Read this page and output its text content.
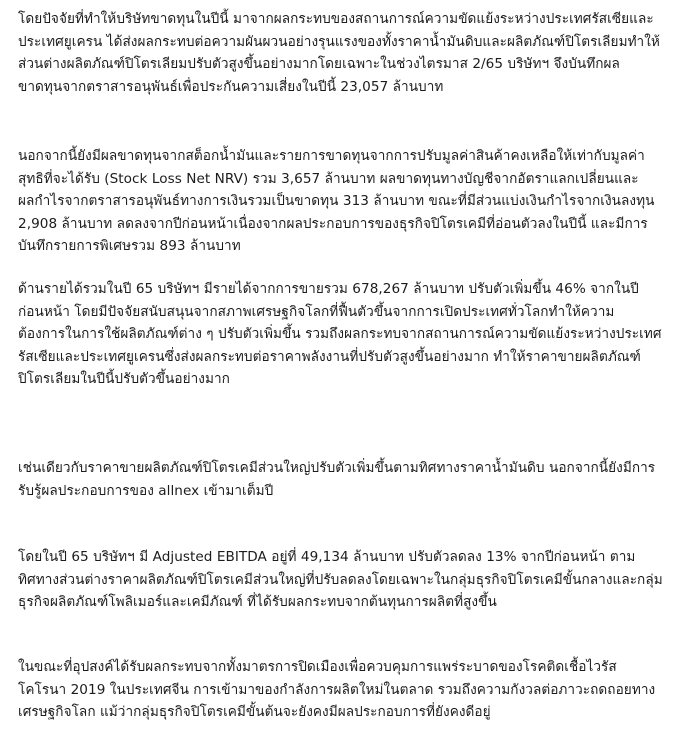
โดยปัจจัยที่ทำให้บริษัทขาดทุนในปีนี้ มาจากผลกระทบของสถานการณ์ความขัดแย้งระหว่างประเทศรัสเซียและ
ประเทศยูเครน ได้ส่งผลกระทบต่อความผันผวนอย่างรุนแรงของทั้งราคาน้ำมันดิบและผลิตภัณฑ์ปิโตรเลียมทำให้
ส่วนต่างผลิตภัณฑ์ปิโตรเลียมปรับตัวสูงขึ้นอย่างมากโดยเฉพาะในช่วงไตรมาส 2/65 บริษัทฯ จึงบันทึกผล
ขาดทุนจากตราสารอนุพันธ์เพื่อประกันความเสี่ยงในปีนี้ 23,057 ล้านบาท

นอกจากนี้ยังมีผลขาดทุนจากสต็อกน้ำมันและรายการขาดทุนจากการปรับมูลค่าสินค้าคงเหลือให้เท่ากับมูลค่า
สุทธิที่จะได้รับ (Stock Loss Net NRV) รวม 3,657 ล้านบาท ผลขาดทุนทางบัญชีจากอัตราแลกเปลี่ยนและ
ผลกำไรจากตราสารอนุพันธ์ทางการเงินรวมเป็นขาดทุน 313 ล้านบาท ขณะที่มีส่วนแบ่งเงินกำไรจากเงินลงทุน
2,908 ล้านบาท ลดลงจากปีก่อนหน้าเนื่องจากผลประกอบการของธุรกิจปิโตรเคมีที่อ่อนตัวลงในปีนี้ และมีการ
บันทึกรายการพิเศษรวม 893 ล้านบาท

ด้านรายได้รวมในปี 65 บริษัทฯ มีรายได้จากการขายรวม 678,267 ล้านบาท ปรับตัวเพิ่มขึ้น 46% จากในปี
ก่อนหน้า โดยมีปัจจัยสนับสนุนจากสภาพเศรษฐกิจโลกที่ฟื้นตัวขึ้นจากการเปิดประเทศทั่วโลกทำให้ความ
ต้องการในการใช้ผลิตภัณฑ์ต่าง ๆ ปรับตัวเพิ่มขึ้น รวมถึงผลกระทบจากสถานการณ์ความขัดแย้งระหว่างประเทศ
รัสเซียและประเทศยูเครนซึ่งส่งผลกระทบต่อราคาพลังงานที่ปรับตัวสูงขึ้นอย่างมาก ทำให้ราคาขายผลิตภัณฑ์
ปิโตรเลียมในปีนี้ปรับตัวขึ้นอย่างมาก

เช่นเดียวกับราคาขายผลิตภัณฑ์ปิโตรเคมีส่วนใหญ่ปรับตัวเพิ่มขึ้นตามทิศทางราคาน้ำมันดิบ นอกจากนี้ยังมีการ
รับรู้ผลประกอบการของ allnex เข้ามาเต็มปี

โดยในปี 65 บริษัทฯ มี Adjusted EBITDA อยู่ที่ 49,134 ล้านบาท ปรับตัวลดลง 13% จากปีก่อนหน้า ตาม
ทิศทางส่วนต่างราคาผลิตภัณฑ์ปิโตรเคมีส่วนใหญ่ที่ปรับลดลงโดยเฉพาะในกลุ่มธุรกิจปิโตรเคมีขั้นกลางและกลุ่ม
ธุรกิจผลิตภัณฑ์โพลิเมอร์และเคมีภัณฑ์ ที่ได้รับผลกระทบจากต้นทุนการผลิตที่สูงขึ้น

ในขณะที่อุปสงค์ได้รับผลกระทบจากทั้งมาตรการปิดเมืองเพื่อควบคุมการแพร่ระบาดของโรคติดเชื้อไวรัส
โคโรนา 2019 ในประเทศจีน การเข้ามาของกำลังการผลิตใหม่ในตลาด รวมถึงความกังวลต่อภาวะถดถอยทาง
เศรษฐกิจโลก แม้ว่ากลุ่มธุรกิจปิโตรเคมีขั้นต้นจะยังคงมีผลประกอบการที่ยังคงดีอยู่
